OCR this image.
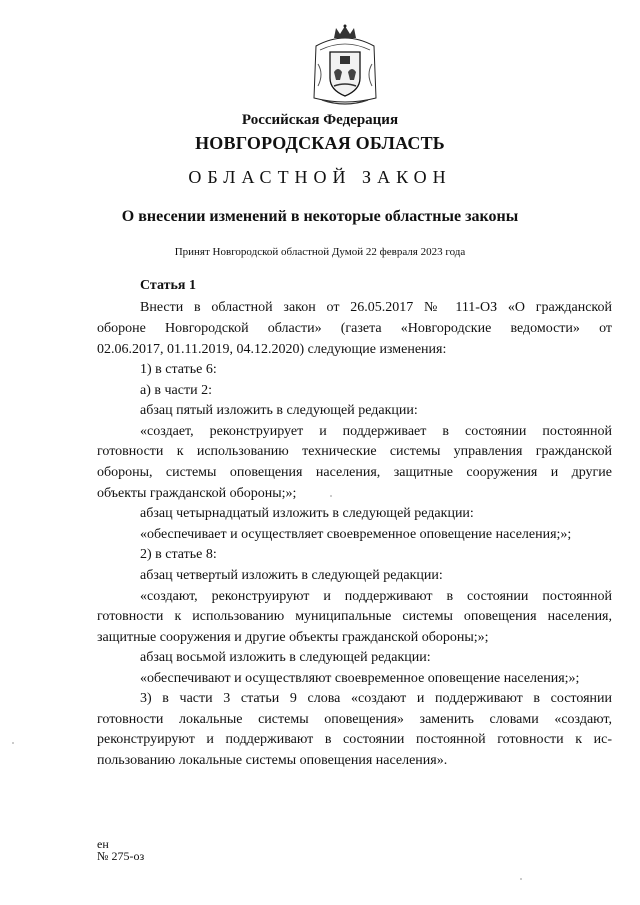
Российская Федерация
НОВГОРОДСКАЯ ОБЛАСТЬ
ОБЛАСТНОЙ ЗАКОН
О внесении изменений в некоторые областные законы
Принят Новгородской областной Думой 22 февраля 2023 года
Статья 1
Внести в областной закон от 26.05.2017 № 111-ОЗ «О гражданской
обороне Новгородской области» (газета «Новгородские ведомости» от
02.06.2017, 01.11.2019, 04.12.2020) следующие изменения:
1) в статье 6:
а) в части 2:
абзац пятый изложить в следующей редакции:
«создает, реконструирует и поддерживает в состоянии постоянной
готовности к использованию технические системы управления гражданской
обороны, системы оповещения населения, защитные сооружения и другие
объекты гражданской обороны;»;
абзац четырнадцатый изложить в следующей редакции:
«обеспечивает и осуществляет своевременное оповещение населения;»;
2) в статье 8:
абзац четвертый изложить в следующей редакции:
«создают, реконструируют и поддерживают в состоянии постоянной
готовности к использованию муниципальные системы оповещения населения,
защитные сооружения и другие объекты гражданской обороны;»;
абзац восьмой изложить в следующей редакции:
«обеспечивают и осуществляют своевременное оповещение населения;»;
3) в части 3 статьи 9 слова «создают и поддерживают в состоянии
готовности локальные системы оповещения» заменить словами «создают,
реконструируют и поддерживают в состоянии постоянной готовности к ис-
пользованию локальные системы оповещения населения».
ен
№ 275-оз
